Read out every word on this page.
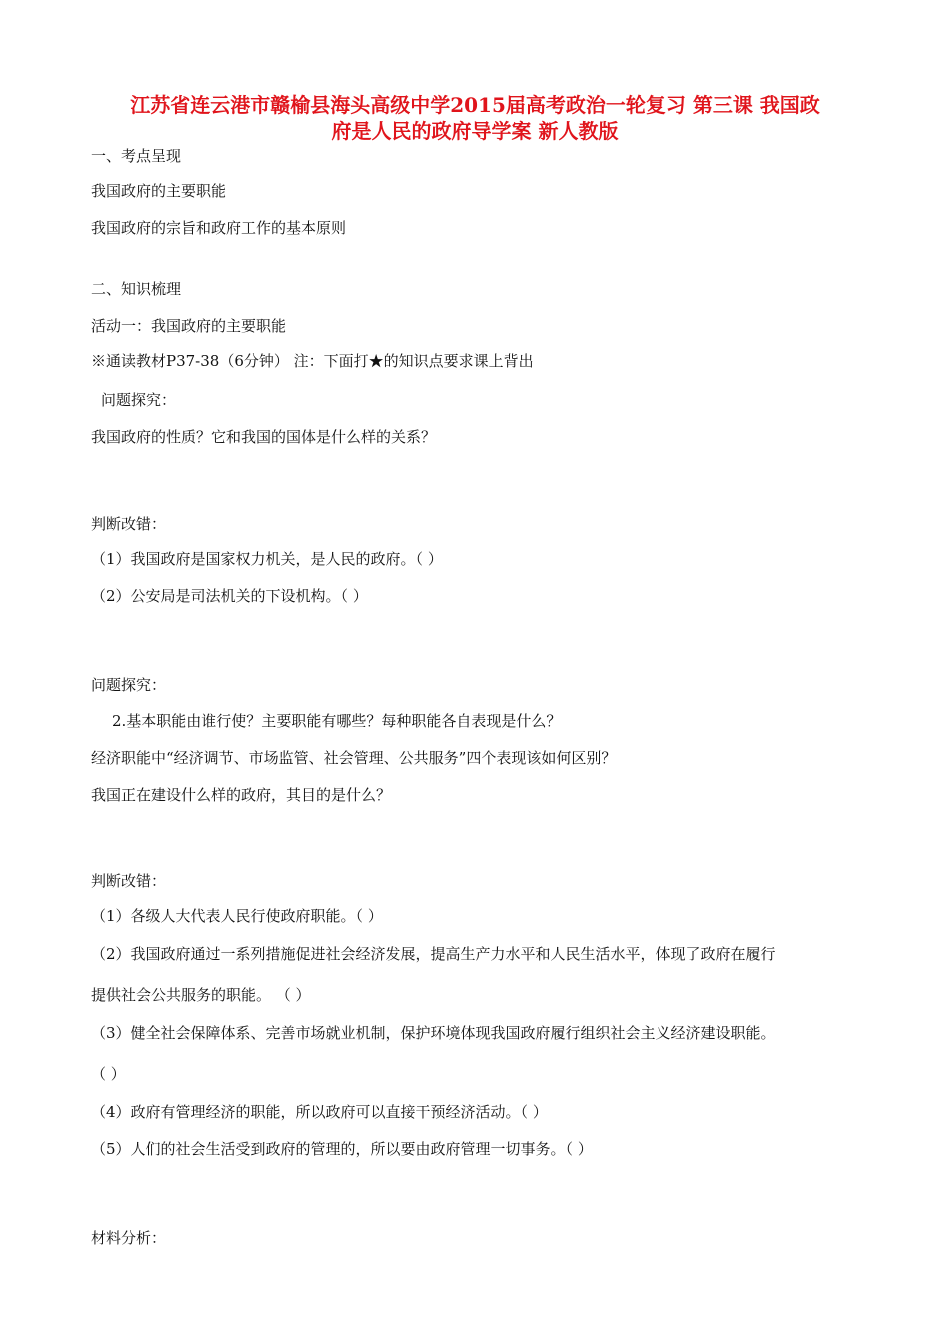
江苏省连云港市赣榆县海头高级中学2015届高考政治一轮复习 第三课 我国政
府是人民的政府导学案 新人教版
一、考点呈现
我国政府的主要职能
我国政府的宗旨和政府工作的基本原则
二、知识梳理
活动一：我国政府的主要职能
※通读教材P37-38（6分钟） 注：下面打★的知识点要求课上背出
问题探究：
我国政府的性质？它和我国的国体是什么样的关系？
判断改错：
（1）我国政府是国家权力机关，是人民的政府。（ ）
（2）公安局是司法机关的下设机构。（ ）
问题探究：
2.基本职能由谁行使？主要职能有哪些？每种职能各自表现是什么？
经济职能中“经济调节、市场监管、社会管理、公共服务”四个表现该如何区别？
我国正在建设什么样的政府，其目的是什么？
判断改错：
（1）各级人大代表人民行使政府职能。（ ）
（2）我国政府通过一系列措施促进社会经济发展，提高生产力水平和人民生活水平，体现了政府在履行
提供社会公共服务的职能。 （ ）
（3）健全社会保障体系、完善市场就业机制，保护环境体现我国政府履行组织社会主义经济建设职能。
（ ）
（4）政府有管理经济的职能，所以政府可以直接干预经济活动。（ ）
（5）人们的社会生活受到政府的管理的，所以要由政府管理一切事务。（ ）
材料分析：
